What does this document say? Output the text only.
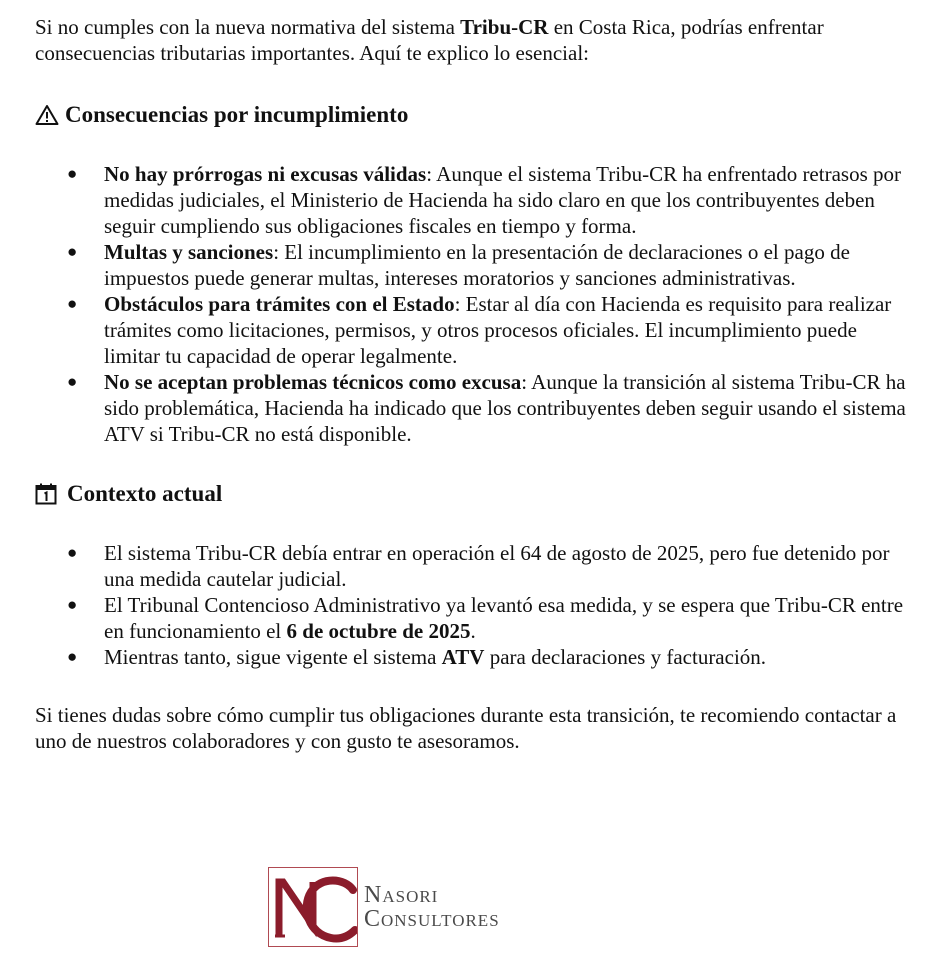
Si no cumples con la nueva normativa del sistema Tribu-CR en Costa Rica, podrías enfrentar consecuencias tributarias importantes. Aquí te explico lo esencial:

Consecuencias por incumplimiento
● No hay prórrogas ni excusas válidas: Aunque el sistema Tribu-CR ha enfrentado retrasos por medidas judiciales, el Ministerio de Hacienda ha sido claro en que los contribuyentes deben seguir cumpliendo sus obligaciones fiscales en tiempo y forma.
● Multas y sanciones: El incumplimiento en la presentación de declaraciones o el pago de impuestos puede generar multas, intereses moratorios y sanciones administrativas.
● Obstáculos para trámites con el Estado: Estar al día con Hacienda es requisito para realizar trámites como licitaciones, permisos, y otros procesos oficiales. El incumplimiento puede limitar tu capacidad de operar legalmente.
● No se aceptan problemas técnicos como excusa: Aunque la transición al sistema Tribu-CR ha sido problemática, Hacienda ha indicado que los contribuyentes deben seguir usando el sistema ATV si Tribu-CR no está disponible.
Contexto actual
● El sistema Tribu-CR debía entrar en operación el 64 de agosto de 2025, pero fue detenido por una medida cautelar judicial.
● El Tribunal Contencioso Administrativo ya levantó esa medida, y se espera que Tribu-CR entre en funcionamiento el 6 de octubre de 2025.
● Mientras tanto, sigue vigente el sistema ATV para declaraciones y facturación.

Si tienes dudas sobre cómo cumplir tus obligaciones durante esta transición, te recomiendo contactar a uno de nuestros colaboradores y con gusto te asesoramos.

Nasori
Consultores
